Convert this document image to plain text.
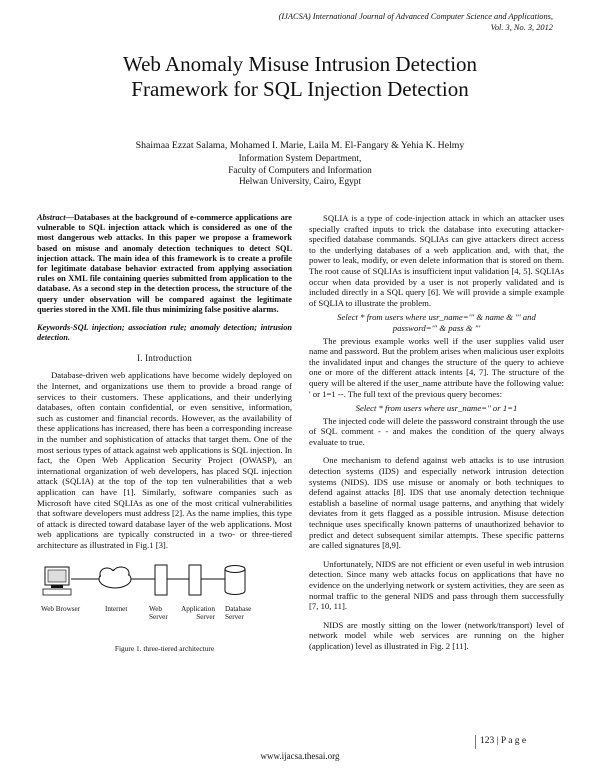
(IJACSA) International Journal of Advanced Computer Science and Applications,
Vol. 3, No. 3, 2012
Web Anomaly Misuse Intrusion Detection
Framework for SQL Injection Detection
Shaimaa Ezzat Salama, Mohamed I. Marie, Laila M. El-Fangary & Yehia K. Helmy
Information System Department,
Faculty of Computers and Information
Helwan University, Cairo, Egypt

Abstract—Databases at the background of e-commerce applications are vulnerable to SQL injection attack which is considered as one of the most dangerous web attacks. In this paper we propose a framework based on misuse and anomaly detection techniques to detect SQL injection attack. The main idea of this framework is to create a profile for legitimate database behavior extracted from applying association rules on XML file containing queries submitted from application to the database. As a second step in the detection process, the structure of the query under observation will be compared against the legitimate queries stored in the XML file thus minimizing false positive alarms.

Keywords-SQL injection; association rule; anomaly detection; intrusion detection.

I. Introduction

Database-driven web applications have become widely deployed on the Internet, and organizations use them to provide a broad range of services to their customers. These applications, and their underlying databases, often contain confidential, or even sensitive, information, such as customer and financial records. However, as the availability of these applications has increased, there has been a corresponding increase in the number and sophistication of attacks that target them. One of the most serious types of attack against web applications is SQL injection. In fact, the Open Web Application Security Project (OWASP), an international organization of web developers, has placed SQL injection attack (SQLIA) at the top of the top ten vulnerabilities that a web application can have [1]. Similarly, software companies such as Microsoft have cited SQLIAs as one of the most critical vulnerabilities that software developers must address [2]. As the name implies, this type of attack is directed toward database layer of the web applications. Most web applications are typically constructed in a two- or three-tiered architecture as illustrated in Fig.1 [3].

Web Browser	Internet	Web
Server
Application
Server
Database
Server
Figure 1. three-tiered architecture

SQLIA is a type of code-injection attack in which an attacker uses specially crafted inputs to trick the database into executing attacker-specified database commands. SQLIAs can give attackers direct access to the underlying databases of a web application and, with that, the power to leak, modify, or even delete information that is stored on them. The root cause of SQLIAs is insufficient input validation [4, 5]. SQLIAs occur when data provided by a user is not properly validated and is included directly in a SQL query [6]. We will provide a simple example of SQLIA to illustrate the problem.

Select * from users where usr_name='" & name & "' and
password='" & pass & "'

The previous example works well if the user supplies valid user name and password. But the problem arises when malicious user exploits the invalidated input and changes the structure of the query to achieve one or more of the different attack intents [4, 7]. The structure of the query will be altered if the user_name attribute have the following value: ' or 1=1 --. The full text of the previous query becomes:

Select * from users where usr_name='' or 1=1

The injected code will delete the password constraint through the use of SQL comment - - and makes the condition of the query always evaluate to true.

One mechanism to defend against web attacks is to use intrusion detection systems (IDS) and especially network intrusion detection systems (NIDS). IDS use misuse or anomaly or both techniques to defend against attacks [8]. IDS that use anomaly detection technique establish a baseline of normal usage patterns, and anything that widely deviates from it gets flagged as a possible intrusion. Misuse detection technique uses specifically known patterns of unauthorized behavior to predict and detect subsequent similar attempts. These specific patterns are called signatures [8,9].

Unfortunately, NIDS are not efficient or even useful in web intrusion detection. Since many web attacks focus on applications that have no evidence on the underlying network or system activities, they are seen as normal traffic to the general NIDS and pass through them successfully [7, 10, 11].

NIDS are mostly sitting on the lower (network/transport) level of network model while web services are running on the higher (application) level as illustrated in Fig. 2 [11].

123 | P a g e
www.ijacsa.thesai.org
